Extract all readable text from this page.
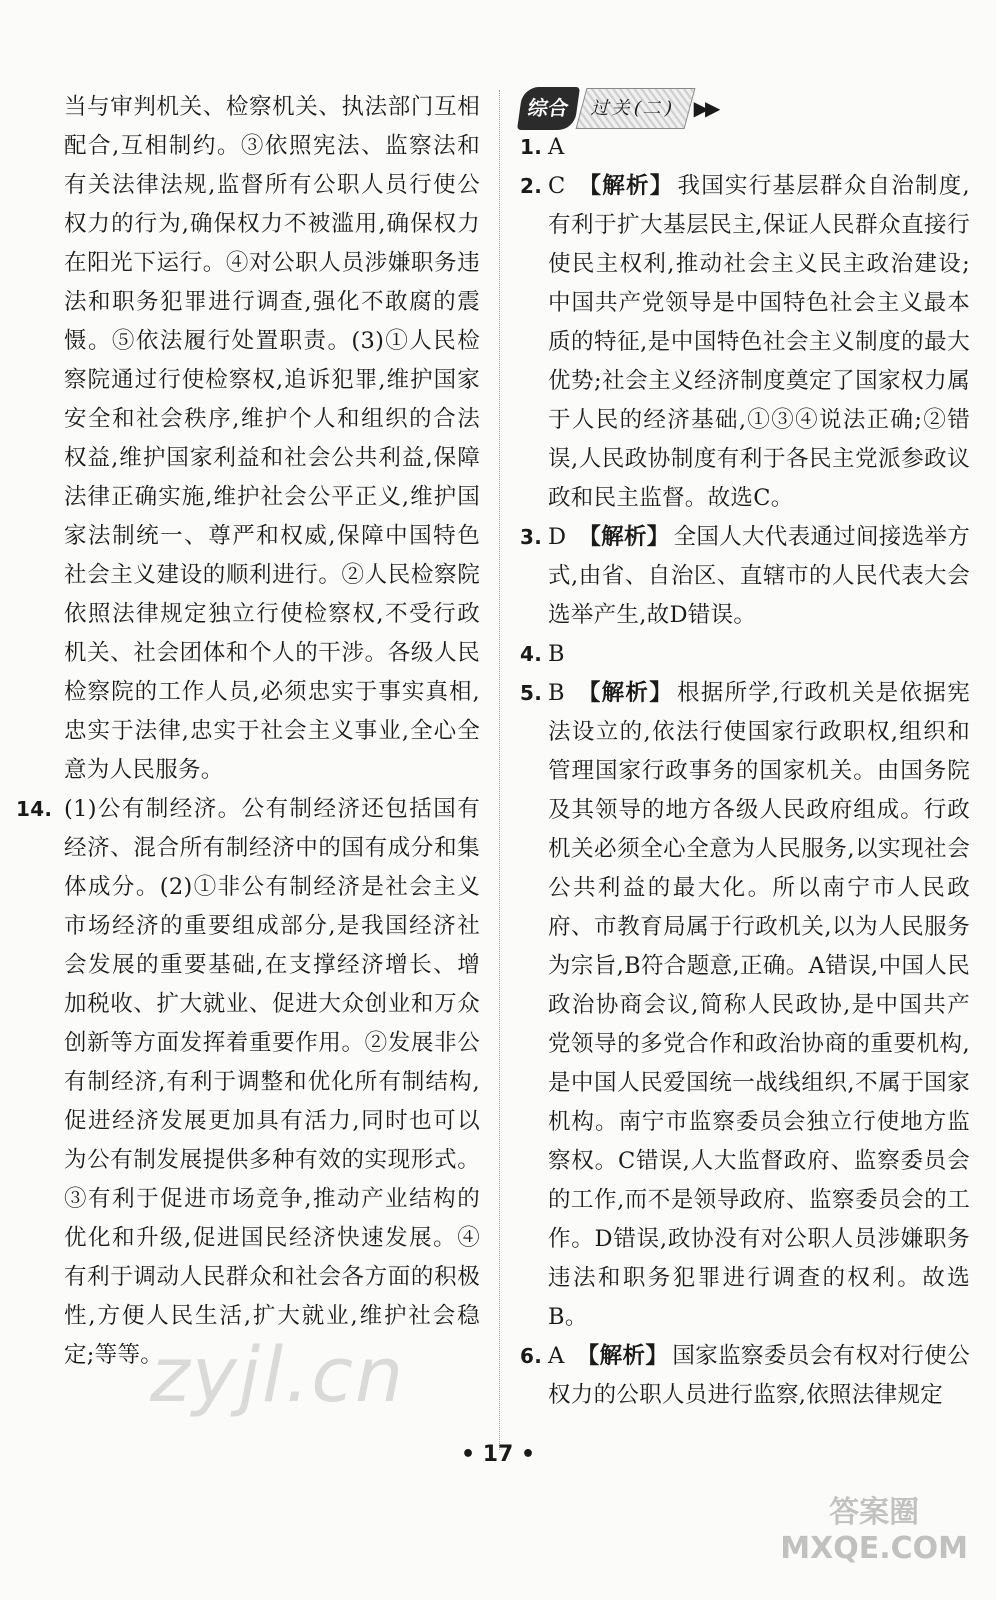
当与审判机关、检察机关、执法部门互相配合,互相制约。③依照宪法、监察法和有关法律法规,监督所有公职人员行使公权力的行为,确保权力不被滥用,确保权力在阳光下运行。④对公职人员涉嫌职务违法和职务犯罪进行调查,强化不敢腐的震慑。⑤依法履行处置职责。(3)①人民检察院通过行使检察权,追诉犯罪,维护国家安全和社会秩序,维护个人和组织的合法权益,维护国家利益和社会公共利益,保障法律正确实施,维护社会公平正义,维护国家法制统一、尊严和权威,保障中国特色社会主义建设的顺利进行。②人民检察院依照法律规定独立行使检察权,不受行政机关、社会团体和个人的干涉。各级人民检察院的工作人员,必须忠实于事实真相,忠实于法律,忠实于社会主义事业,全心全意为人民服务。

14. (1)公有制经济。公有制经济还包括国有经济、混合所有制经济中的国有成分和集体成分。(2)①非公有制经济是社会主义市场经济的重要组成部分,是我国经济社会发展的重要基础,在支撑经济增长、增加税收、扩大就业、促进大众创业和万众创新等方面发挥着重要作用。②发展非公有制经济,有利于调整和优化所有制结构,促进经济发展更加具有活力,同时也可以为公有制发展提供多种有效的实现形式。③有利于促进市场竞争,推动产业结构的优化和升级,促进国民经济快速发展。④有利于调动人民群众和社会各方面的积极性,方便人民生活,扩大就业,维护社会稳定;等等。
综合	过关(二) ▶▶
1. A
2. C 【解析】 我国实行基层群众自治制度,有利于扩大基层民主,保证人民群众直接行使民主权利,推动社会主义民主政治建设;中国共产党领导是中国特色社会主义最本质的特征,是中国特色社会主义制度的最大优势;社会主义经济制度奠定了国家权力属于人民的经济基础,①③④说法正确;②错误,人民政协制度有利于各民主党派参政议政和民主监督。故选C。
3. D 【解析】 全国人大代表通过间接选举方式,由省、自治区、直辖市的人民代表大会选举产生,故D错误。
4. B
5. B 【解析】 根据所学,行政机关是依据宪法设立的,依法行使国家行政职权,组织和管理国家行政事务的国家机关。由国务院及其领导的地方各级人民政府组成。行政机关必须全心全意为人民服务,以实现社会公共利益的最大化。所以南宁市人民政府、市教育局属于行政机关,以为人民服务为宗旨,B符合题意,正确。A错误,中国人民政治协商会议,简称人民政协,是中国共产党领导的多党合作和政治协商的重要机构,是中国人民爱国统一战线组织,不属于国家机构。南宁市监察委员会独立行使地方监察权。C错误,人大监督政府、监察委员会的工作,而不是领导政府、监察委员会的工作。D错误,政协没有对公职人员涉嫌职务违法和职务犯罪进行调查的权利。故选B。
6. A 【解析】 国家监察委员会有权对行使公权力的公职人员进行监察,依照法律规定
zyjl.cn
• 17 •
答案圈
MXQE.COM
